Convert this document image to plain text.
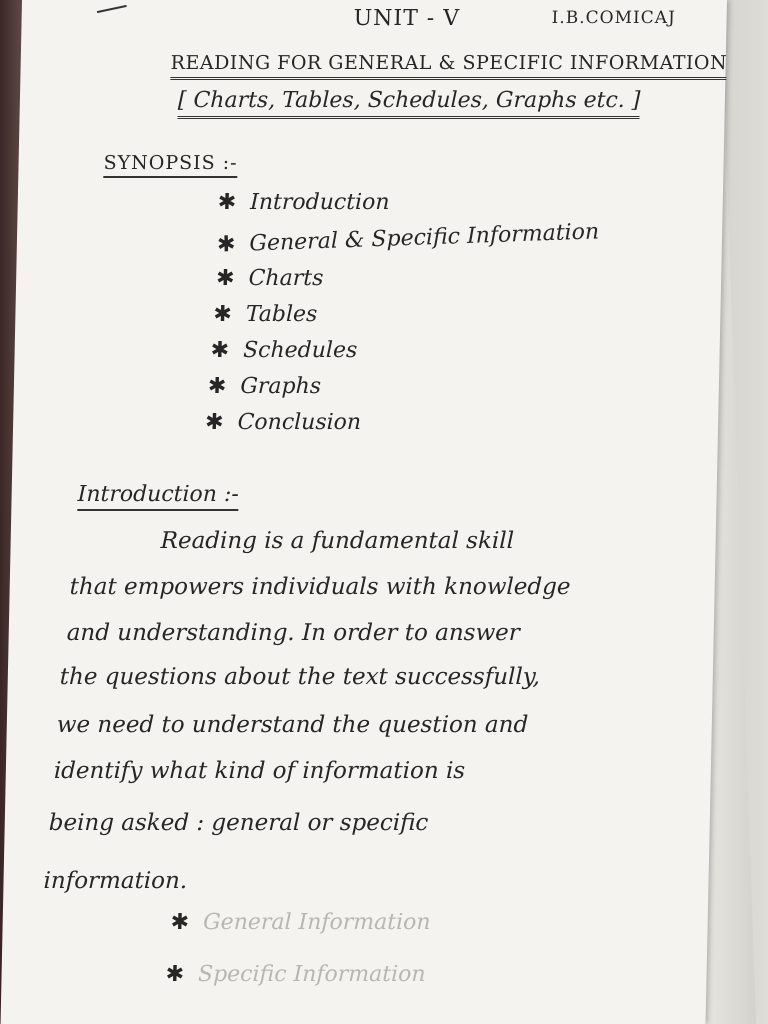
UNIT - V	I.B.COMICAJ
READING FOR GENERAL & SPECIFIC INFORMATION
[ Charts, Tables, Schedules, Graphs etc. ]
SYNOPSIS :-
✱ Introduction
✱ General & Specific Information
✱ Charts
✱ Tables
✱ Schedules
✱ Graphs
✱ Conclusion
Introduction :-
Reading is a fundamental skill
that empowers individuals with knowledge
and understanding. In order to answer
the questions about the text successfully,
we need to understand the question and
identify what kind of information is
being asked : general or specific
information.
✱ General Information
✱ Specific Information
